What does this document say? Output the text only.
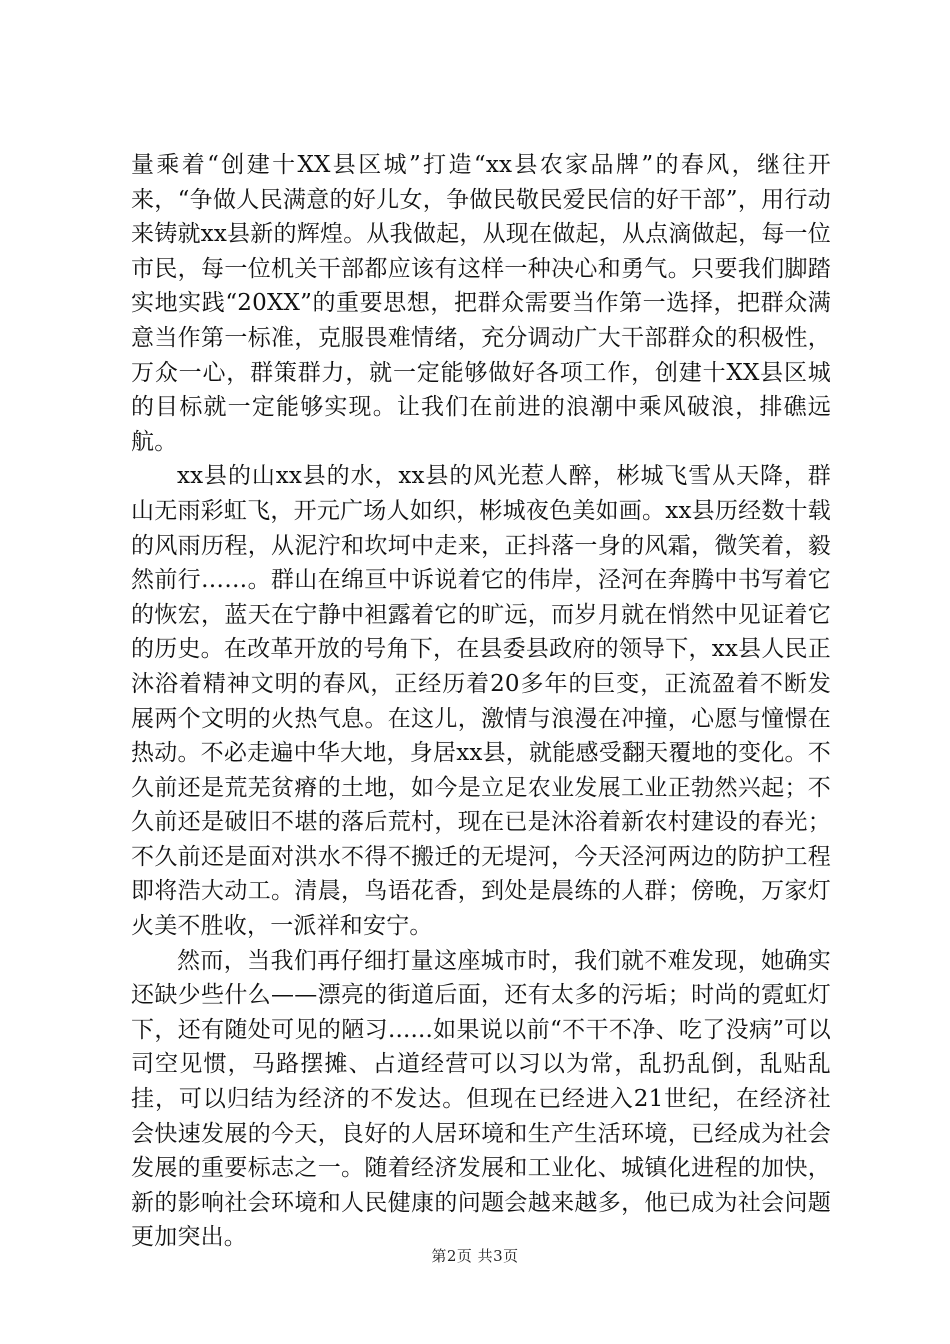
量乘着“创建十XX县区城”打造“xx县农家品牌”的春风，继往开来，“争做人民满意的好儿女，争做民敬民爱民信的好干部”，用行动来铸就xx县新的辉煌。从我做起，从现在做起，从点滴做起，每一位市民，每一位机关干部都应该有这样一种决心和勇气。只要我们脚踏实地实践“20XX”的重要思想，把群众需要当作第一选择，把群众满意当作第一标准，克服畏难情绪，充分调动广大干部群众的积极性，万众一心，群策群力，就一定能够做好各项工作，创建十XX县区城的目标就一定能够实现。让我们在前进的浪潮中乘风破浪，排礁远航。

xx县的山xx县的水，xx县的风光惹人醉，彬城飞雪从天降，群山无雨彩虹飞，开元广场人如织，彬城夜色美如画。xx县历经数十载的风雨历程，从泥泞和坎坷中走来，正抖落一身的风霜，微笑着，毅然前行……。群山在绵亘中诉说着它的伟岸，泾河在奔腾中书写着它的恢宏，蓝天在宁静中袒露着它的旷远，而岁月就在悄然中见证着它的历史。在改革开放的号角下，在县委县政府的领导下，xx县人民正沐浴着精神文明的春风，正经历着20多年的巨变，正流盈着不断发展两个文明的火热气息。在这儿，激情与浪漫在冲撞，心愿与憧憬在热动。不必走遍中华大地，身居xx县，就能感受翻天覆地的变化。不久前还是荒芜贫瘠的土地，如今是立足农业发展工业正勃然兴起；不久前还是破旧不堪的落后荒村，现在已是沐浴着新农村建设的春光；不久前还是面对洪水不得不搬迁的无堤河，今天泾河两边的防护工程即将浩大动工。清晨，鸟语花香，到处是晨练的人群；傍晚，万家灯火美不胜收，一派祥和安宁。

然而，当我们再仔细打量这座城市时，我们就不难发现，她确实还缺少些什么——漂亮的街道后面，还有太多的污垢；时尚的霓虹灯下，还有随处可见的陋习......如果说以前“不干不净、吃了没病”可以司空见惯，马路摆摊、占道经营可以习以为常，乱扔乱倒，乱贴乱挂，可以归结为经济的不发达。但现在已经进入21世纪，在经济社会快速发展的今天，良好的人居环境和生产生活环境，已经成为社会发展的重要标志之一。随着经济发展和工业化、城镇化进程的加快，新的影响社会环境和人民健康的问题会越来越多，他已成为社会问题更加突出。

第2页 共3页
